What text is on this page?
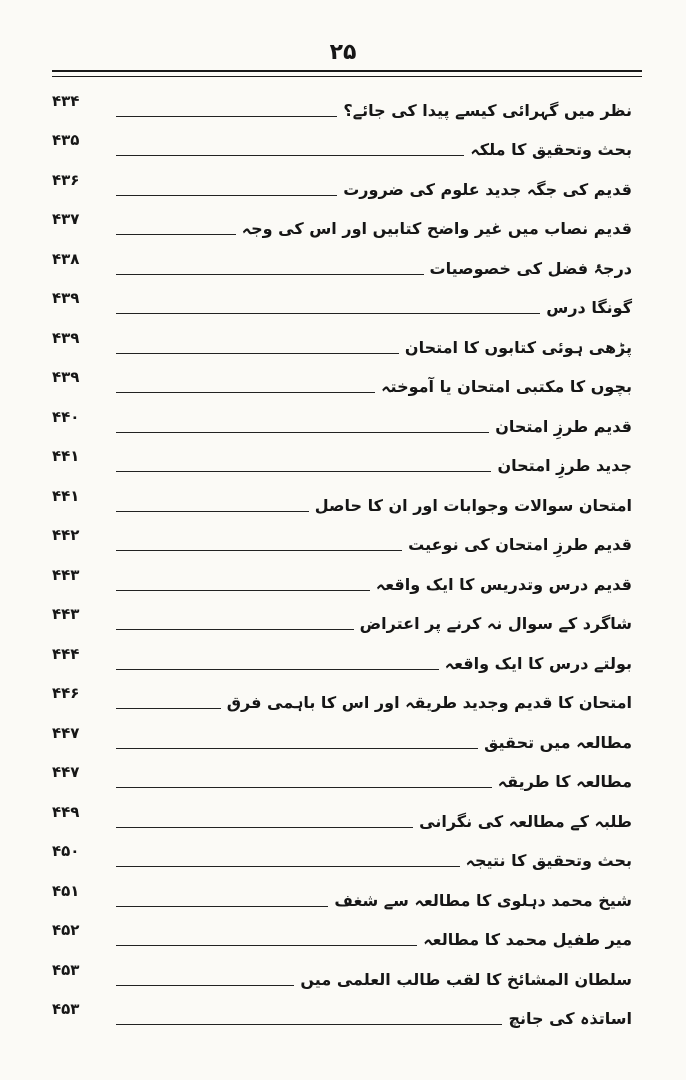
۲۵
نظر میں گہرائی کیسے پیدا کی جائے؟
۴۳۴
بحث وتحقیق کا ملکہ
۴۳۵
قدیم کی جگہ جدید علوم کی ضرورت
۴۳۶
قدیم نصاب میں غیر واضح کتابیں اور اس کی وجہ
۴۳۷
درجۂ فضل کی خصوصیات
۴۳۸
گونگا درس
۴۳۹
پڑھی ہوئی کتابوں کا امتحان
۴۳۹
بچوں کا مکتبی امتحان یا آموختہ
۴۳۹
قدیم طرزِ امتحان
۴۴۰
جدید طرزِ امتحان
۴۴۱
امتحان سوالات وجوابات اور ان کا حاصل
۴۴۱
قدیم طرزِ امتحان کی نوعیت
۴۴۲
قدیم درس وتدریس کا ایک واقعہ
۴۴۳
شاگرد کے سوال نہ کرنے پر اعتراض
۴۴۳
بولتے درس کا ایک واقعہ
۴۴۴
امتحان کا قدیم وجدید طریقہ اور اس کا باہمی فرق
۴۴۶
مطالعہ میں تحقیق
۴۴۷
مطالعہ کا طریقہ
۴۴۷
طلبہ کے مطالعہ کی نگرانی
۴۴۹
بحث وتحقیق کا نتیجہ
۴۵۰
شیخ محمد دہلوی کا مطالعہ سے شغف
۴۵۱
میر طفیل محمد کا مطالعہ
۴۵۲
سلطان المشائخ کا لقب طالب العلمی میں
۴۵۳
اساتذہ کی جانچ
۴۵۳
